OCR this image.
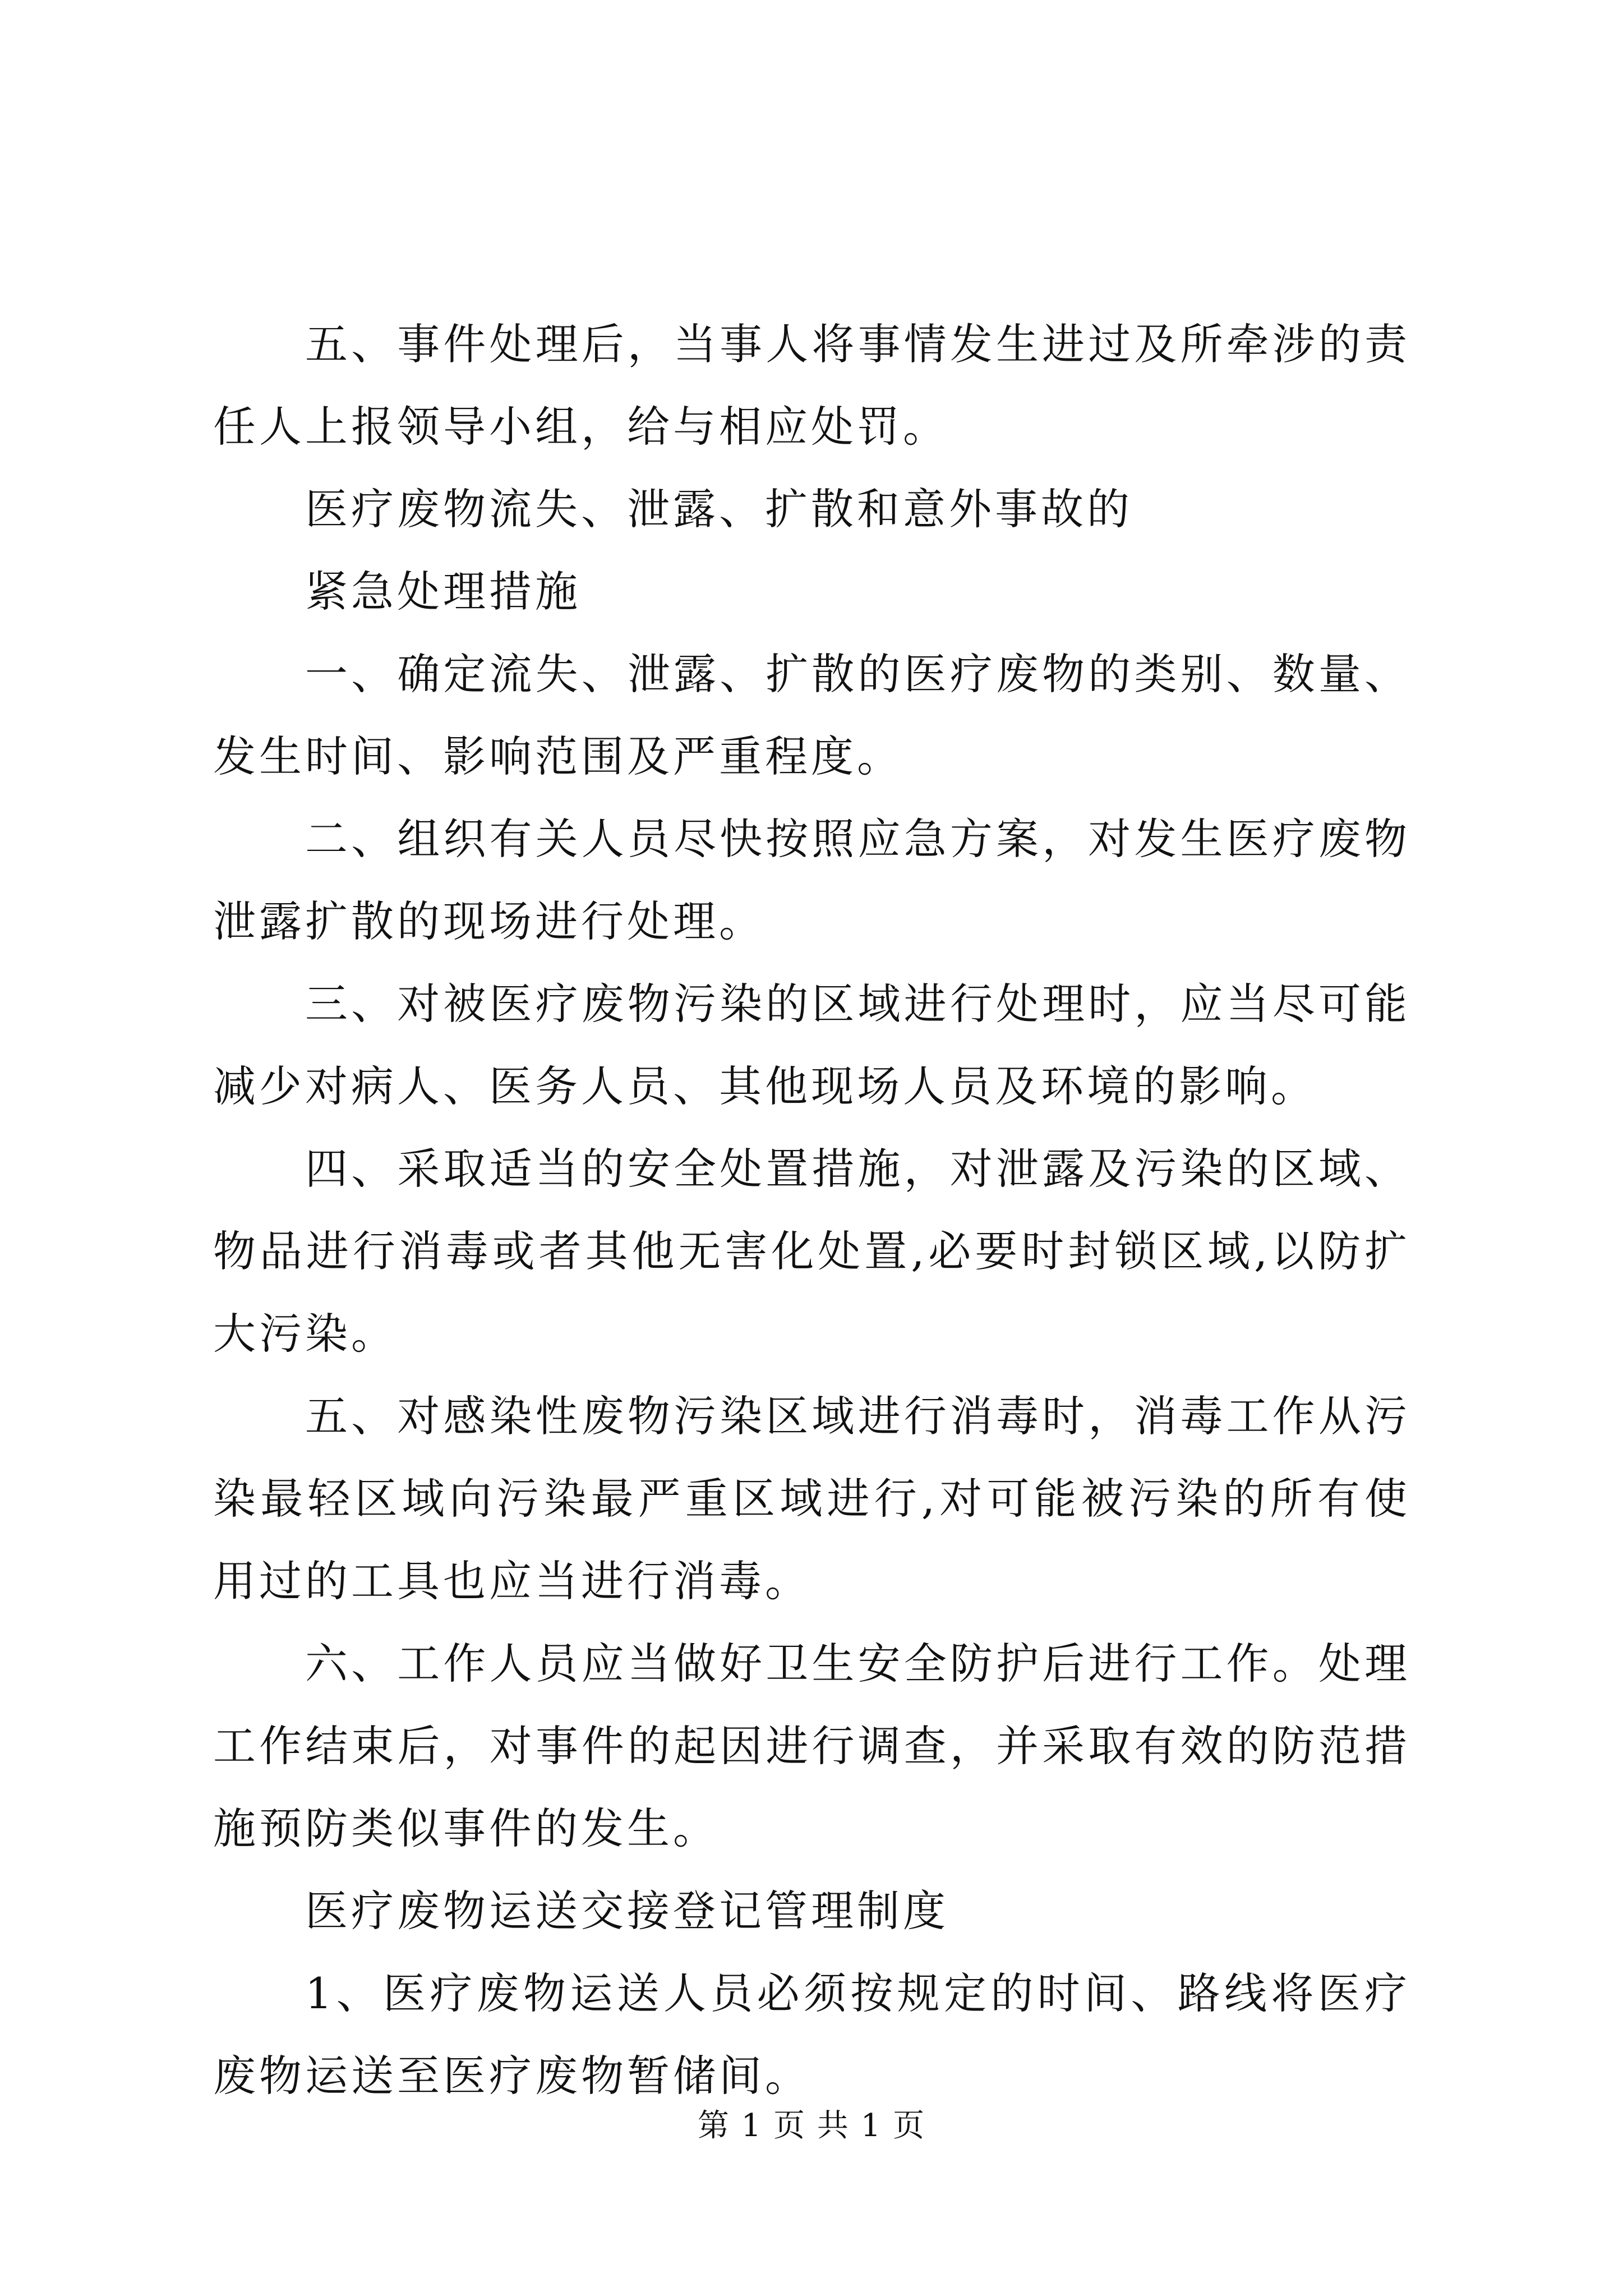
五、事件处理后，当事人将事情发生进过及所牵涉的责任人上报领导小组，给与相应处罚。

医疗废物流失、泄露、扩散和意外事故的

紧急处理措施

一、确定流失、泄露、扩散的医疗废物的类别、数量、发生时间、影响范围及严重程度。

二、组织有关人员尽快按照应急方案，对发生医疗废物泄露扩散的现场进行处理。

三、对被医疗废物污染的区域进行处理时，应当尽可能减少对病人、医务人员、其他现场人员及环境的影响。

四、采取适当的安全处置措施，对泄露及污染的区域、物品进行消毒或者其他无害化处置,必要时封锁区域,以防扩大污染。

五、对感染性废物污染区域进行消毒时，消毒工作从污染最轻区域向污染最严重区域进行,对可能被污染的所有使用过的工具也应当进行消毒。

六、工作人员应当做好卫生安全防护后进行工作。处理工作结束后，对事件的起因进行调查，并采取有效的防范措施预防类似事件的发生。

医疗废物运送交接登记管理制度

1、医疗废物运送人员必须按规定的时间、路线将医疗废物运送至医疗废物暂储间。

第 1 页 共 1 页
